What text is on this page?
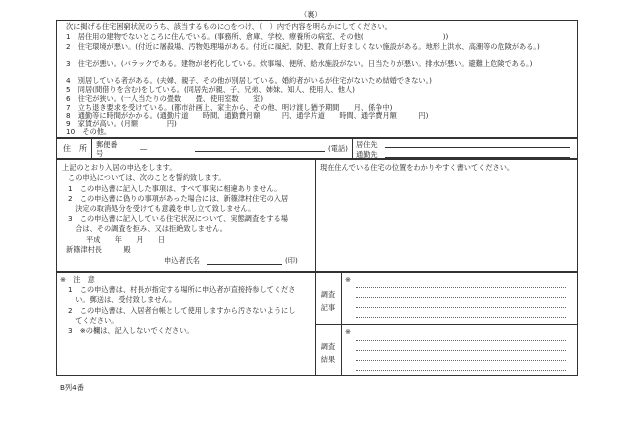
（裏）
次に掲げる住宅困窮状況のうち、該当するものに○をつけ、（　）内で内容を明らかにしてください。
1　居住用の建物でないところに住んでいる。(事務所、倉庫、学校、療養所の病室、その他(　　　　　　　　　　　))
2　住宅環境が悪い。(付近に屠殺場、汚物処理場がある。付近に風紀、防犯、教育上好ましくない施設がある。地形上洪水、高潮等の危険がある。)
3　住宅が悪い。(バラックである。建物が老朽化している。炊事場、便所、給水施設がない。日当たりが悪い。排水が悪い。避難上危険である。)
4　別居している者がある。(夫婦、親子、その他が別居している。婚約者がいるが住宅がないため結婚できない。)
5　同居(間借りを含む)をしている。(同居先が親、子、兄弟、姉妹、知人、使用人、他人)
6　住宅が狭い。(一人当たりの畳数　　畳、使用室数　　室)
7　立ち退き要求を受けている。(都市計画上、家主から、その他、明け渡し猶予期間　　月、係争中)
8　通勤等に時間がかかる。(通勤片道　　時間、通勤費月額　　　円、通学片道　　時間、通学費月額　　　円)
9　家賃が高い。(月額　　　　円)
10　その他。
住　所 郵便番号
―	(電話) 居住先
通勤先
上記のとおり入居の申込をします。
この申込については、次のことを誓約致します。
1　この申込書に記入した事項は、すべて事実に相違ありません。
2　この申込書に偽りの事項があった場合には、新篠津村住宅の入居
　決定の取消処分を受けても意義を申し立て致しません。
3　この申込書に記入している住宅状況について、実態調査をする場
　合は、その調査を拒み、又は拒絶致しません。
平成　　年　　月　　日
新篠津村長　　　殿
申込者氏名	(印)
現在住んでいる住宅の位置をわかりやすく書いてください。
※　注　意
1　この申込書は、村長が指定する場所に申込者が直接持参してくださ
　い。郵送は、受付致しません。
2　この申込書は、入居者台帳として使用しますから汚さないようにし
　てください。
3　※の欄は、記入しないでください。
調査記事
調査結果
※
※
B列4番
